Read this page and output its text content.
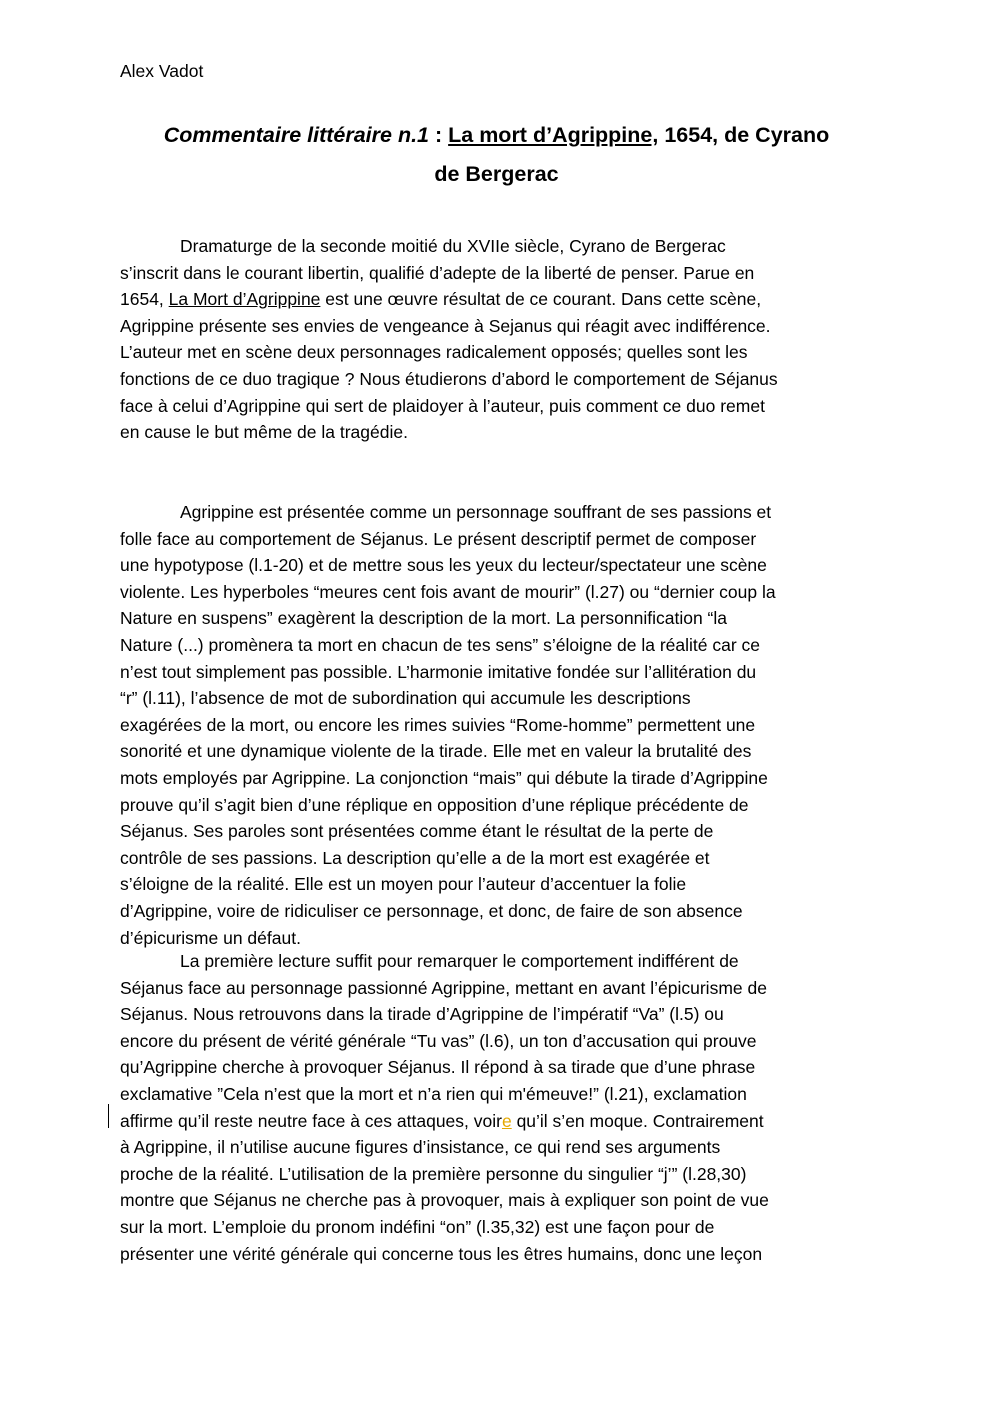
Alex Vadot

Commentaire littéraire n.1 : La mort d’Agrippine, 1654, de Cyrano
de Bergerac

Dramaturge de la seconde moitié du XVIIe siècle, Cyrano de Bergerac
s’inscrit dans le courant libertin, qualifié d’adepte de la liberté de penser. Parue en
1654, La Mort d’Agrippine est une œuvre résultat de ce courant. Dans cette scène,
Agrippine présente ses envies de vengeance à Sejanus qui réagit avec indifférence.
L’auteur met en scène deux personnages radicalement opposés; quelles sont les
fonctions de ce duo tragique ? Nous étudierons d’abord le comportement de Séjanus
face à celui d’Agrippine qui sert de plaidoyer à l’auteur, puis comment ce duo remet
en cause le but même de la tragédie.

Agrippine est présentée comme un personnage souffrant de ses passions et
folle face au comportement de Séjanus. Le présent descriptif permet de composer
une hypotypose (l.1-20) et de mettre sous les yeux du lecteur/spectateur une scène
violente. Les hyperboles “meures cent fois avant de mourir” (l.27) ou “dernier coup la
Nature en suspens” exagèrent la description de la mort. La personnification “la
Nature (...) promènera ta mort en chacun de tes sens” s’éloigne de la réalité car ce
n’est tout simplement pas possible. L’harmonie imitative fondée sur l’allitération du
“r” (l.11), l’absence de mot de subordination qui accumule les descriptions
exagérées de la mort, ou encore les rimes suivies “Rome-homme” permettent une
sonorité et une dynamique violente de la tirade. Elle met en valeur la brutalité des
mots employés par Agrippine. La conjonction “mais” qui débute la tirade d’Agrippine
prouve qu’il s’agit bien d’une réplique en opposition d’une réplique précédente de
Séjanus. Ses paroles sont présentées comme étant le résultat de la perte de
contrôle de ses passions. La description qu’elle a de la mort est exagérée et
s’éloigne de la réalité. Elle est un moyen pour l’auteur d’accentuer la folie
d’Agrippine, voire de ridiculiser ce personnage, et donc, de faire de son absence
d’épicurisme un défaut.

La première lecture suffit pour remarquer le comportement indifférent de
Séjanus face au personnage passionné Agrippine, mettant en avant l’épicurisme de
Séjanus. Nous retrouvons dans la tirade d’Agrippine de l’impératif “Va” (l.5) ou
encore du présent de vérité générale “Tu vas” (l.6), un ton d’accusation qui prouve
qu’Agrippine cherche à provoquer Séjanus. Il répond à sa tirade que d’une phrase
exclamative ”Cela n’est que la mort et n’a rien qui m'émeuve!” (l.21), exclamation
affirme qu’il reste neutre face à ces attaques, voire qu’il s’en moque. Contrairement
à Agrippine, il n’utilise aucune figures d’insistance, ce qui rend ses arguments
proche de la réalité. L’utilisation de la première personne du singulier “j’” (l.28,30)
montre que Séjanus ne cherche pas à provoquer, mais à expliquer son point de vue
sur la mort. L’emploie du pronom indéfini “on” (l.35,32) est une façon pour de
présenter une vérité générale qui concerne tous les êtres humains, donc une leçon
